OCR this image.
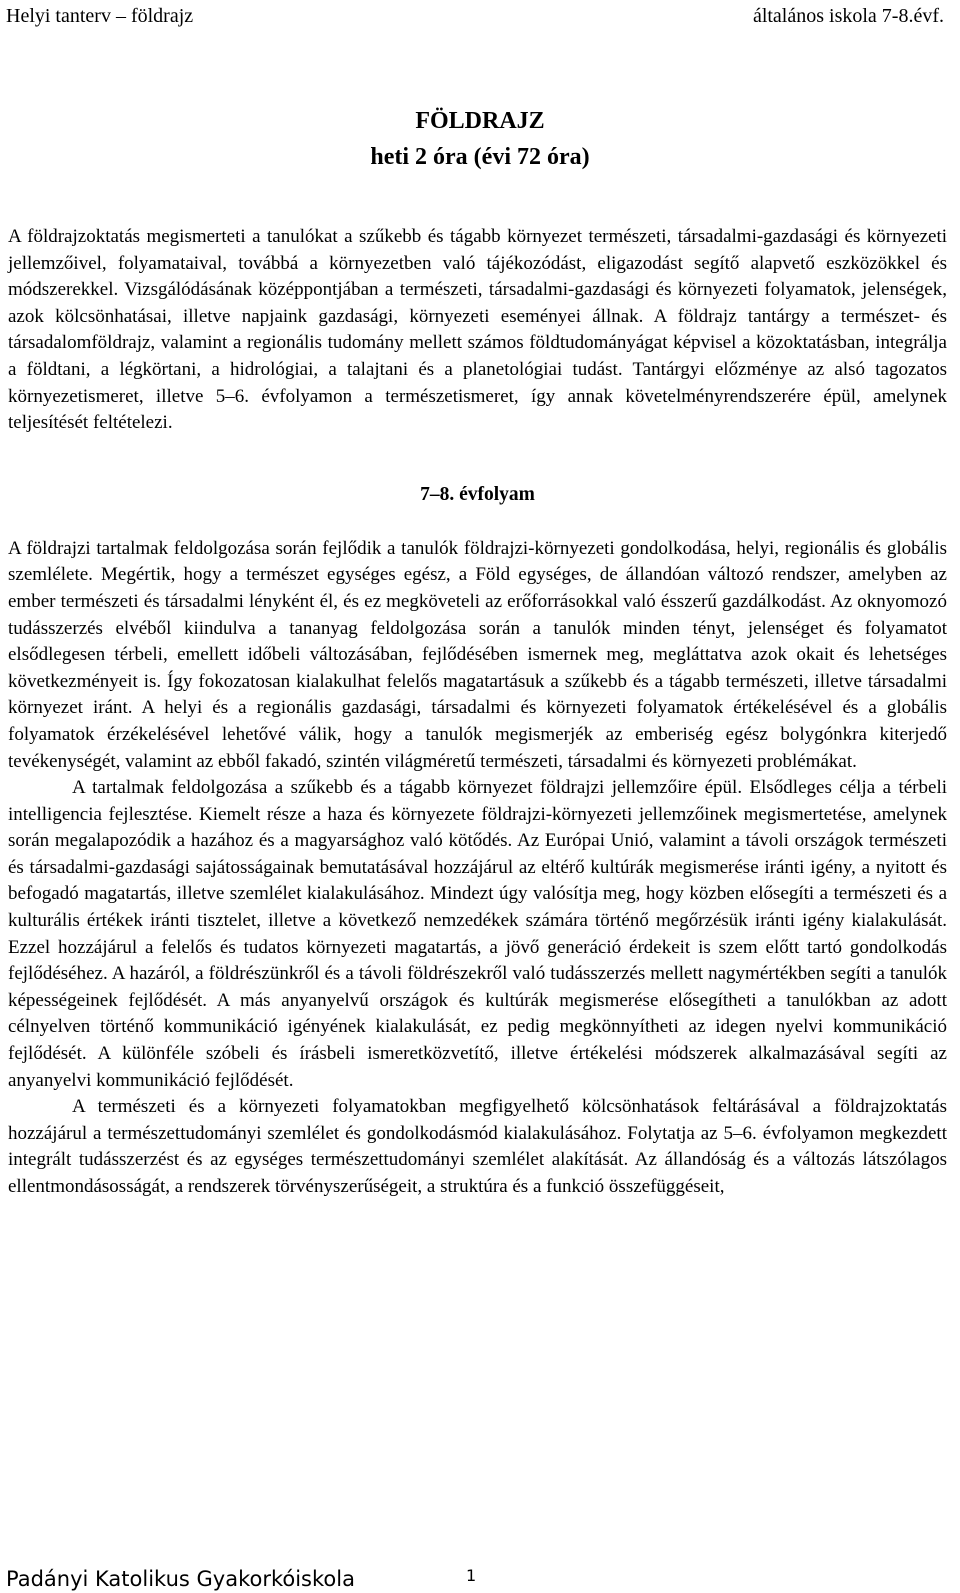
Helyi tanterv – földrajz	általános iskola 7-8.évf.
FÖLDRAJZ
heti 2 óra (évi 72 óra)

A földrajzoktatás megismerteti a tanulókat a szűkebb és tágabb környezet természeti, társadalmi-gazdasági és környezeti jellemzőivel, folyamataival, továbbá a környezetben való tájékozódást, eligazodást segítő alapvető eszközökkel és módszerekkel. Vizsgálódásának középpontjában a természeti, társadalmi-gazdasági és környezeti folyamatok, jelenségek, azok kölcsönhatásai, illetve napjaink gazdasági, környezeti eseményei állnak. A földrajz tantárgy a természet- és társadalomföldrajz, valamint a regionális tudomány mellett számos földtudományágat képvisel a közoktatásban, integrálja a földtani, a légkörtani, a hidrológiai, a talajtani és a planetológiai tudást. Tantárgyi előzménye az alsó tagozatos környezetismeret, illetve 5–6. évfolyamon a természetismeret, így annak követelményrendszerére épül, amelynek teljesítését feltételezi.

7–8. évfolyam

A földrajzi tartalmak feldolgozása során fejlődik a tanulók földrajzi-környezeti gondolkodása, helyi, regionális és globális szemlélete. Megértik, hogy a természet egységes egész, a Föld egységes, de állandóan változó rendszer, amelyben az ember természeti és társadalmi lényként él, és ez megköveteli az erőforrásokkal való ésszerű gazdálkodást. Az oknyomozó tudásszerzés elvéből kiindulva a tananyag feldolgozása során a tanulók minden tényt, jelenséget és folyamatot elsődlegesen térbeli, emellett időbeli változásában, fejlődésében ismernek meg, megláttatva azok okait és lehetséges következményeit is. Így fokozatosan kialakulhat felelős magatartásuk a szűkebb és a tágabb természeti, illetve társadalmi környezet iránt. A helyi és a regionális gazdasági, társadalmi és környezeti folyamatok értékelésével és a globális folyamatok érzékelésével lehetővé válik, hogy a tanulók megismerjék az emberiség egész bolygónkra kiterjedő tevékenységét, valamint az ebből fakadó, szintén világméretű természeti, társadalmi és környezeti problémákat.

A tartalmak feldolgozása a szűkebb és a tágabb környezet földrajzi jellemzőire épül. Elsődleges célja a térbeli intelligencia fejlesztése. Kiemelt része a haza és környezete földrajzi-környezeti jellemzőinek megismertetése, amelynek során megalapozódik a hazához és a magyarsághoz való kötődés. Az Európai Unió, valamint a távoli országok természeti és társadalmi-gazdasági sajátosságainak bemutatásával hozzájárul az eltérő kultúrák megismerése iránti igény, a nyitott és befogadó magatartás, illetve szemlélet kialakulásához. Mindezt úgy valósítja meg, hogy közben elősegíti a természeti és a kulturális értékek iránti tisztelet, illetve a következő nemzedékek számára történő megőrzésük iránti igény kialakulását. Ezzel hozzájárul a felelős és tudatos környezeti magatartás, a jövő generáció érdekeit is szem előtt tartó gondolkodás fejlődéséhez. A hazáról, a földrészünkről és a távoli földrészekről való tudásszerzés mellett nagymértékben segíti a tanulók képességeinek fejlődését. A más anyanyelvű országok és kultúrák megismerése elősegítheti a tanulókban az adott célnyelven történő kommunikáció igényének kialakulását, ez pedig megkönnyítheti az idegen nyelvi kommunikáció fejlődését. A különféle szóbeli és írásbeli ismeretközvetítő, illetve értékelési módszerek alkalmazásával segíti az anyanyelvi kommunikáció fejlődését.

A természeti és a környezeti folyamatokban megfigyelhető kölcsönhatások feltárásával a földrajzoktatás hozzájárul a természettudományi szemlélet és gondolkodásmód kialakulásához. Folytatja az 5–6. évfolyamon megkezdett integrált tudásszerzést és az egységes természettudományi szemlélet alakítását. Az állandóság és a változás látszólagos ellentmondásosságát, a rendszerek törvényszerűségeit, a struktúra és a funkció összefüggéseit,

Padányi Katolikus Gyakorkóiskola	1
